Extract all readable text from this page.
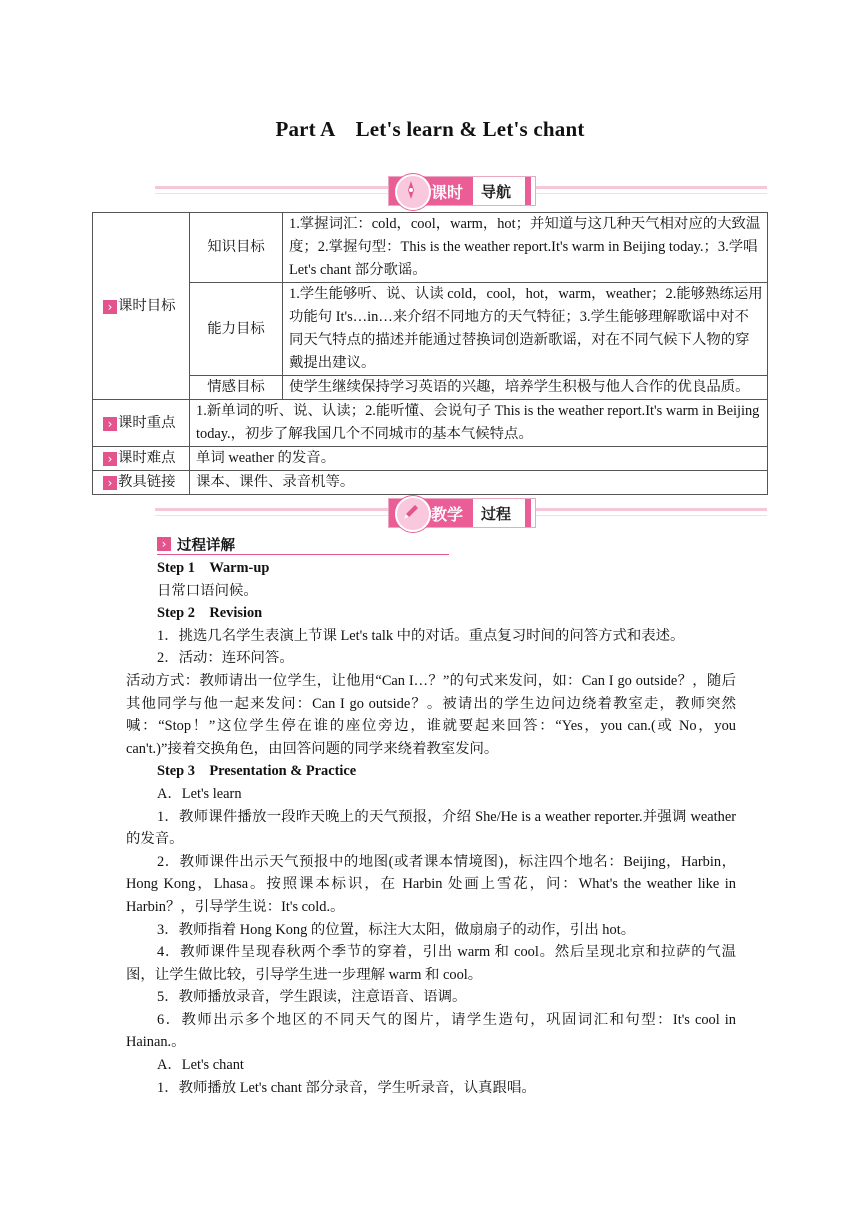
Part A　Let's learn & Let's chant
课时 导航
› 课时目标	知识目标	1.掌握词汇：cold，cool，warm，hot；并知道与这几种天气相对应的大致温度；2.掌握句型：This is the weather report.It's warm in Beijing today.；3.学唱 Let's chant 部分歌谣。
	能力目标	1.学生能够听、说、认读 cold，cool，hot，warm，weather；2.能够熟练运用功能句 It's…in…来介绍不同地方的天气特征；3.学生能够理解歌谣中对不同天气特点的描述并能通过替换词创造新歌谣，对在不同气候下人物的穿戴提出建议。
	情感目标	使学生继续保持学习英语的兴趣，培养学生积极与他人合作的优良品质。
› 课时重点	1.新单词的听、说、认读；2.能听懂、会说句子 This is the weather report.It's warm in Beijing today.，初步了解我国几个不同城市的基本气候特点。	
› 课时难点	单词 weather 的发音。	
› 教具链接	课本、课件、录音机等。	
教学 过程
› 过程详解

Step 1　Warm-up

日常口语问候。

Step 2　Revision

1．挑选几名学生表演上节课 Let's talk 中的对话。重点复习时间的问答方式和表述。

2．活动：连环问答。

活动方式：教师请出一位学生，让他用“Can I…？”的句式来发问，如：Can I go outside？，随后其他同学与他一起来发问：Can I go outside？。被请出的学生边问边绕着教室走，教师突然喊：“Stop！”这位学生停在谁的座位旁边，谁就要起来回答：“Yes，you can.(或 No，you can't.)”接着交换角色，由回答问题的同学来绕着教室发问。

Step 3　Presentation & Practice

A．Let's learn

1．教师课件播放一段昨天晚上的天气预报，介绍 She/He is a weather reporter.并强调 weather 的发音。

2．教师课件出示天气预报中的地图(或者课本情境图)，标注四个地名：Beijing，Harbin，Hong Kong，Lhasa。按照课本标识，在 Harbin 处画上雪花，问：What's the weather like in Harbin？，引导学生说：It's cold.。

3．教师指着 Hong Kong 的位置，标注大太阳，做扇扇子的动作，引出 hot。

4．教师课件呈现春秋两个季节的穿着，引出 warm 和 cool。然后呈现北京和拉萨的气温图，让学生做比较，引导学生进一步理解 warm 和 cool。

5．教师播放录音，学生跟读，注意语音、语调。

6．教师出示多个地区的不同天气的图片，请学生造句，巩固词汇和句型：It's cool in Hainan.。

A．Let's chant

1．教师播放 Let's chant 部分录音，学生听录音，认真跟唱。
